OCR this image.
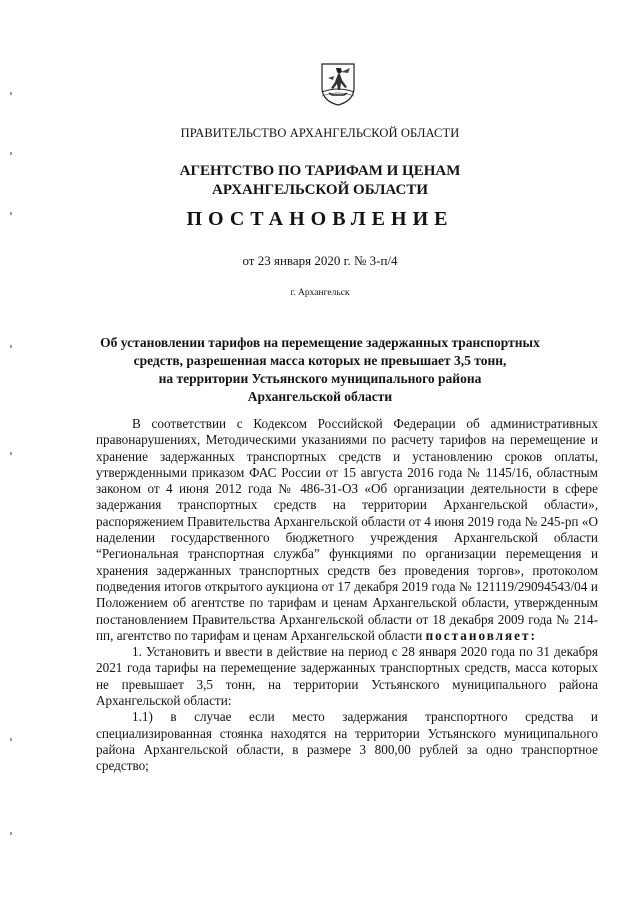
ПРАВИТЕЛЬСТВО АРХАНГЕЛЬСКОЙ ОБЛАСТИ
АГЕНТСТВО ПО ТАРИФАМ И ЦЕНАМ
АРХАНГЕЛЬСКОЙ ОБЛАСТИ
ПОСТАНОВЛЕНИЕ
от 23 января 2020 г. № 3-п/4
г. Архангельск
Об установлении тарифов на перемещение задержанных транспортных
средств, разрешенная масса которых не превышает 3,5 тонн,
на территории Устьянского муниципального района
Архангельской области

В соответствии с Кодексом Российской Федерации об административных правонарушениях, Методическими указаниями по расчету тарифов на перемещение и хранение задержанных транспортных средств и установлению сроков оплаты, утвержденными приказом ФАС России от 15 августа 2016 года № 1145/16, областным законом от 4 июня 2012 года № 486-31-ОЗ «Об организации деятельности в сфере задержания транспортных средств на территории Архангельской области», распоряжением Правительства Архангельской области от 4 июня 2019 года № 245-рп «О наделении государственного бюджетного учреждения Архангельской области “Региональная транспортная служба” функциями по организации перемещения и хранения задержанных транспортных средств без проведения торгов», протоколом подведения итогов открытого аукциона от 17 декабря 2019 года № 121119/29094543/04 и Положением об агентстве по тарифам и ценам Архангельской области, утвержденным постановлением Правительства Архангельской области от 18 декабря 2009 года № 214-пп, агентство по тарифам и ценам Архангельской области постановляет:

1. Установить и ввести в действие на период с 28 января 2020 года по 31 декабря 2021 года тарифы на перемещение задержанных транспортных средств, масса которых не превышает 3,5 тонн, на территории Устьянского муниципального района Архангельской области:

1.1) в случае если место задержания транспортного средства и специализированная стоянка находятся на территории Устьянского муниципального района Архангельской области, в размере 3 800,00 рублей за одно транспортное средство;
